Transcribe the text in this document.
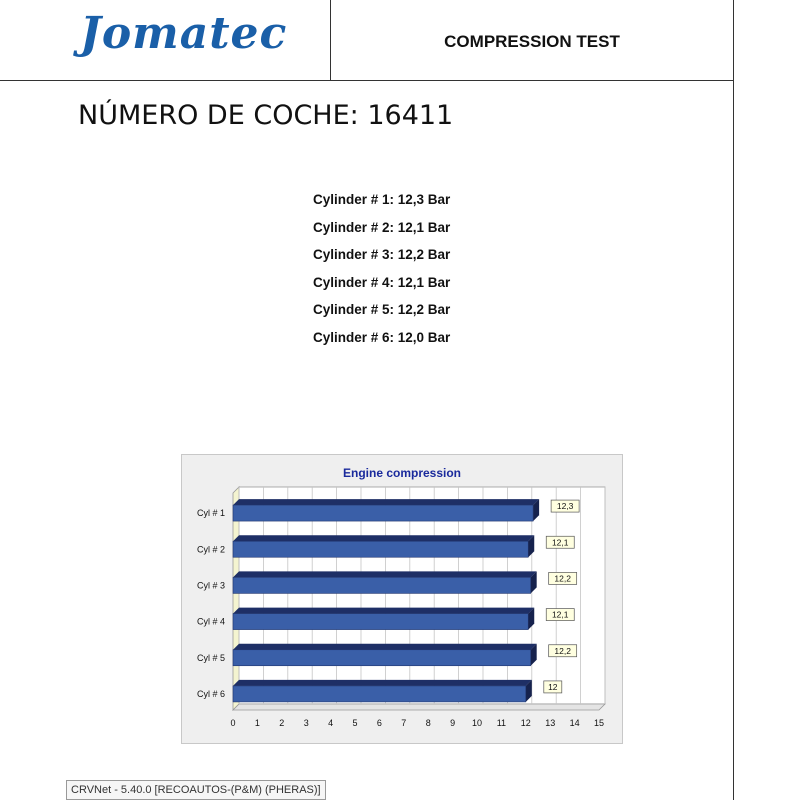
Jomatec	COMPRESSION TEST
NÚMERO DE COCHE: 16411
Cylinder # 1: 12,3 Bar
Cylinder # 2: 12,1 Bar
Cylinder # 3: 12,2 Bar
Cylinder # 4: 12,1 Bar
Cylinder # 5: 12,2 Bar
Cylinder # 6: 12,0 Bar
Engine compression
0 1 2 3 4 5 6 7 8 9 10 11 12 13 14 15
Cyl # 1
12,3
Cyl # 2
12,1
Cyl # 3
12,2
Cyl # 4
12,1
Cyl # 5
12,2
Cyl # 6
12
CRVNet - 5.40.0 [RECOAUTOS-(P&M) (PHERAS)]
